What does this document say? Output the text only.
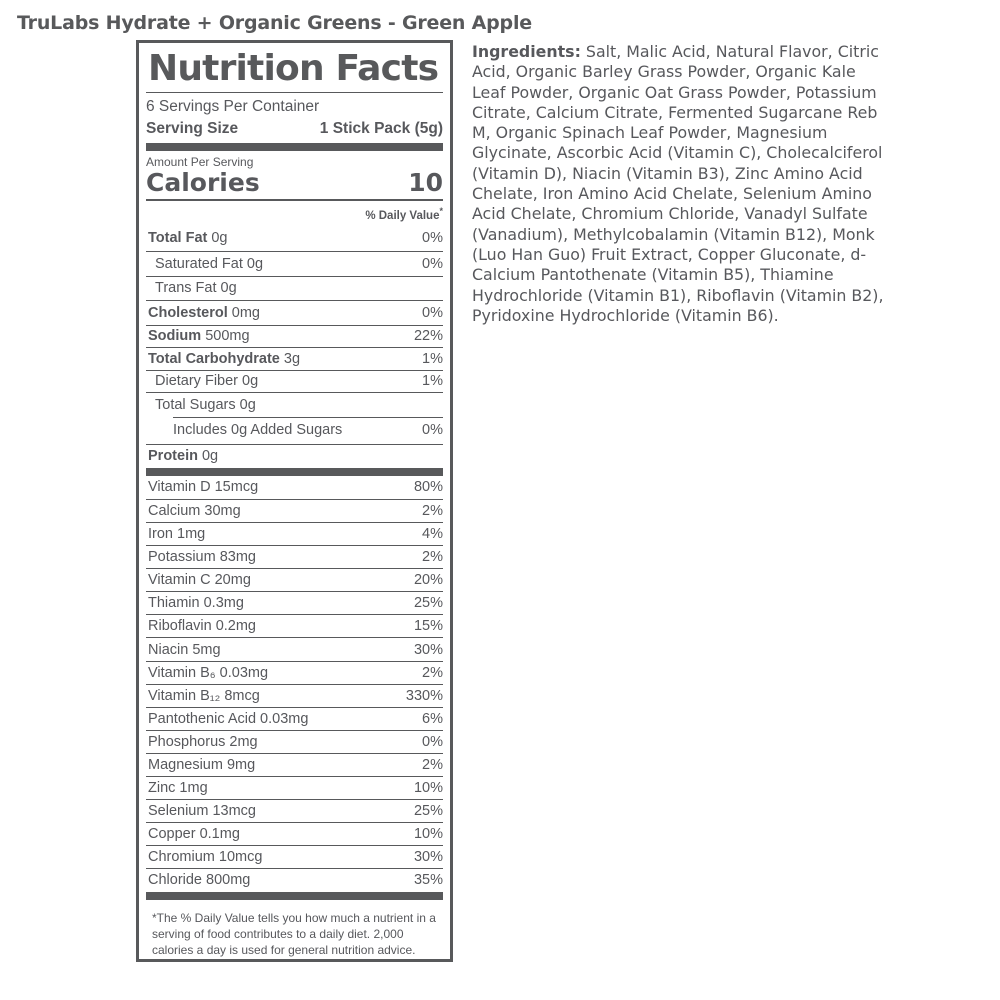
TruLabs Hydrate + Organic Greens - Green Apple
Nutrition Facts
6 Servings Per Container
Serving Size	1 Stick Pack (5g)
Amount Per Serving
Calories	10
% Daily Value*
Total Fat 0g	0%
Saturated Fat 0g	0%
Trans Fat 0g
Cholesterol 0mg	0%
Sodium 500mg	22%
Total Carbohydrate 3g	1%
Dietary Fiber 0g	1%
Total Sugars 0g
Includes 0g Added Sugars	0%
Protein 0g
Vitamin D 15mcg	80%
Calcium 30mg	2%
Iron 1mg	4%
Potassium 83mg	2%
Vitamin C 20mg	20%
Thiamin 0.3mg	25%
Riboflavin 0.2mg	15%
Niacin 5mg	30%
Vitamin B₆ 0.03mg	2%
Vitamin B₁₂ 8mcg	330%
Pantothenic Acid 0.03mg	6%
Phosphorus 2mg	0%
Magnesium 9mg	2%
Zinc 1mg	10%
Selenium 13mcg	25%
Copper 0.1mg	10%
Chromium 10mcg	30%
Chloride 800mg	35%
*The % Daily Value tells you how much a nutrient in a serving of food contributes to a daily diet. 2,000 calories a day is used for general nutrition advice.
Ingredients: Salt, Malic Acid, Natural Flavor, Citric Acid, Organic Barley Grass Powder, Organic Kale Leaf Powder, Organic Oat Grass Powder, Potassium Citrate, Calcium Citrate, Fermented Sugarcane Reb M, Organic Spinach Leaf Powder, Magnesium Glycinate, Ascorbic Acid (Vitamin C), Cholecalciferol (Vitamin D), Niacin (Vitamin B3), Zinc Amino Acid Chelate, Iron Amino Acid Chelate, Selenium Amino Acid Chelate, Chromium Chloride, Vanadyl Sulfate (Vanadium), Methylcobalamin (Vitamin B12), Monk (Luo Han Guo) Fruit Extract, Copper Gluconate, d-Calcium Pantothenate (Vitamin B5), Thiamine Hydrochloride (Vitamin B1), Riboflavin (Vitamin B2), Pyridoxine Hydrochloride (Vitamin B6).
